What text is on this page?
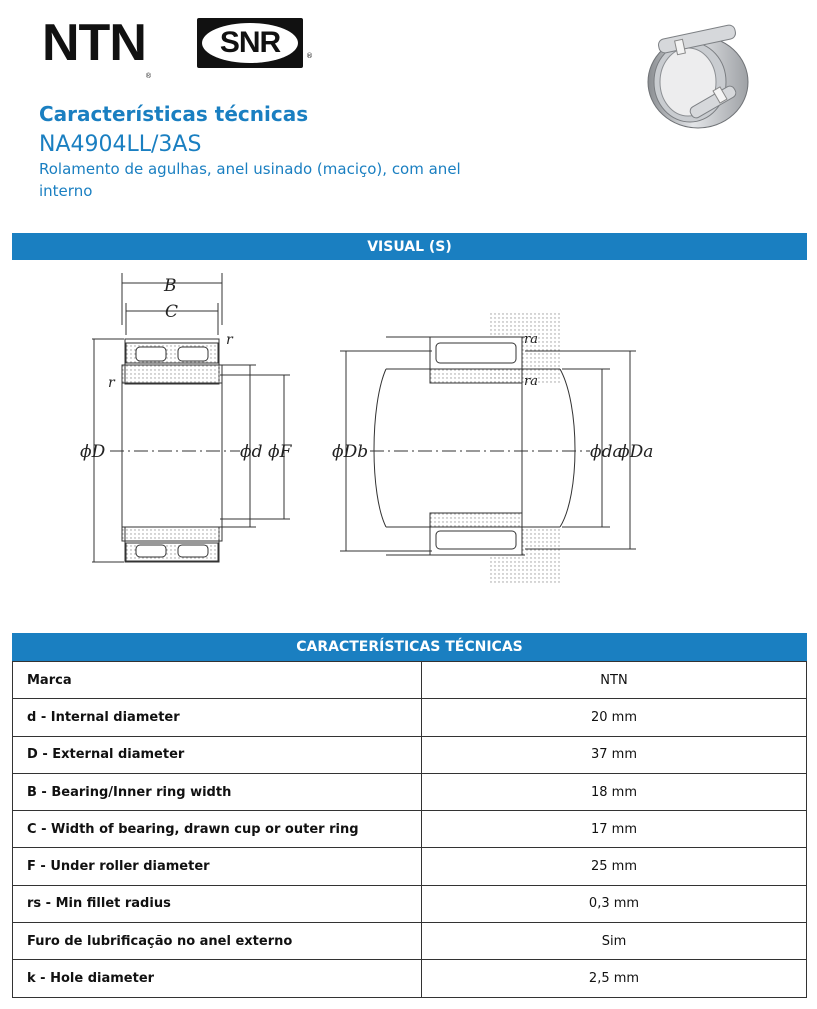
NTN®
SNR	®
Características técnicas
NA4904LL/3AS
Rolamento de agulhas, anel usinado (maciço), com anel interno
VISUAL (S)
B
C
r
r
ϕD	ϕd ϕF ϕDb
ra
ra
ϕda
ϕDa
CARACTERÍSTICAS TÉCNICAS
Marca	NTN
d - Internal diameter	20 mm
D - External diameter	37 mm
B - Bearing/Inner ring width	18 mm
C - Width of bearing, drawn cup or outer ring	17 mm
F - Under roller diameter	25 mm
rs - Min fillet radius	0,3 mm
Furo de lubrificação no anel externo	Sim
k - Hole diameter	2,5 mm
